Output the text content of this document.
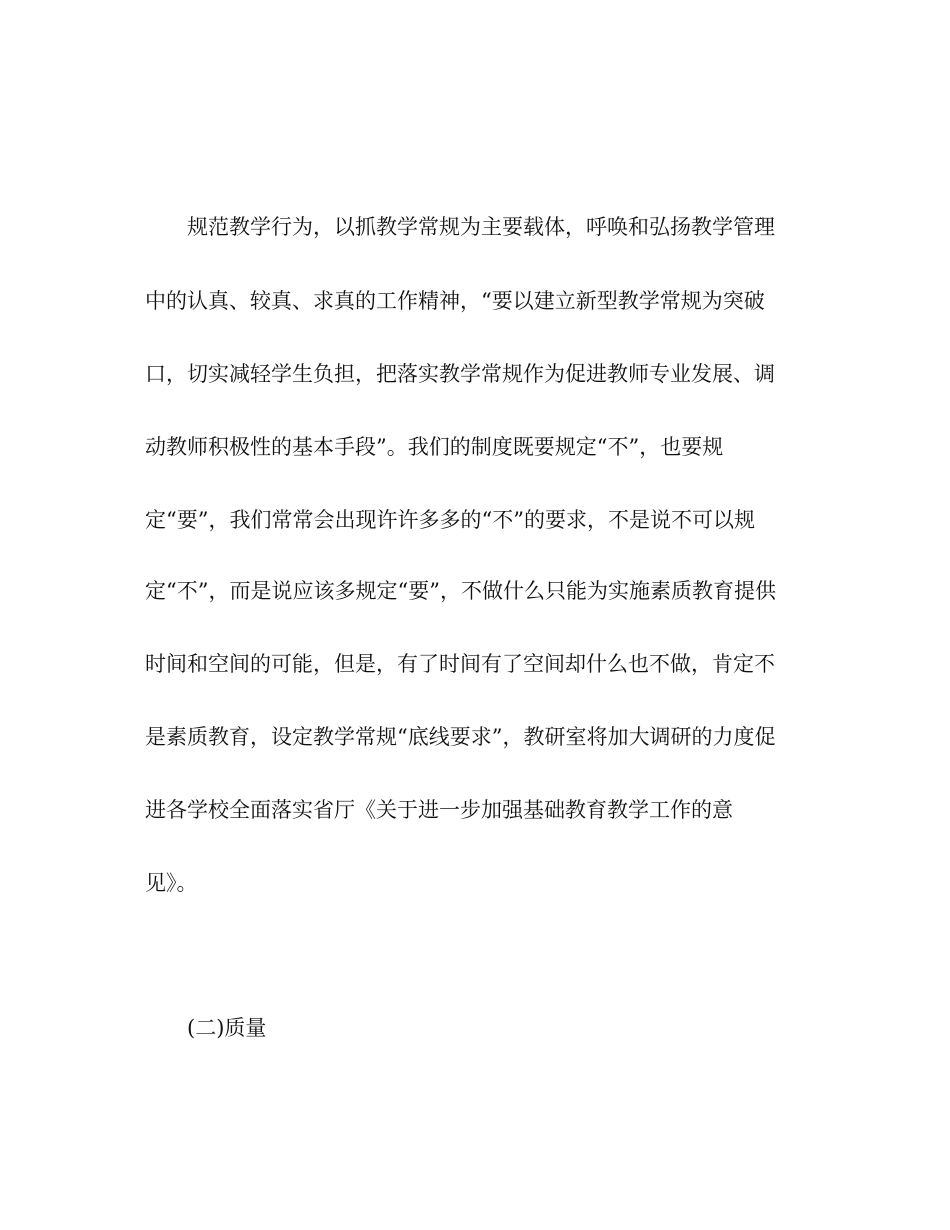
规范教学行为，以抓教学常规为主要载体，呼唤和弘扬教学管理
中的认真、较真、求真的工作精神，“要以建立新型教学常规为突破
口，切实减轻学生负担，把落实教学常规作为促进教师专业发展、调
动教师积极性的基本手段”。我们的制度既要规定“不”，也要规
定“要”，我们常常会出现许许多多的“不”的要求，不是说不可以规
定“不”，而是说应该多规定“要”，不做什么只能为实施素质教育提供
时间和空间的可能，但是，有了时间有了空间却什么也不做，肯定不
是素质教育，设定教学常规“底线要求”，教研室将加大调研的力度促
进各学校全面落实省厅《关于进一步加强基础教育教学工作的意
见》。
(二)质量
